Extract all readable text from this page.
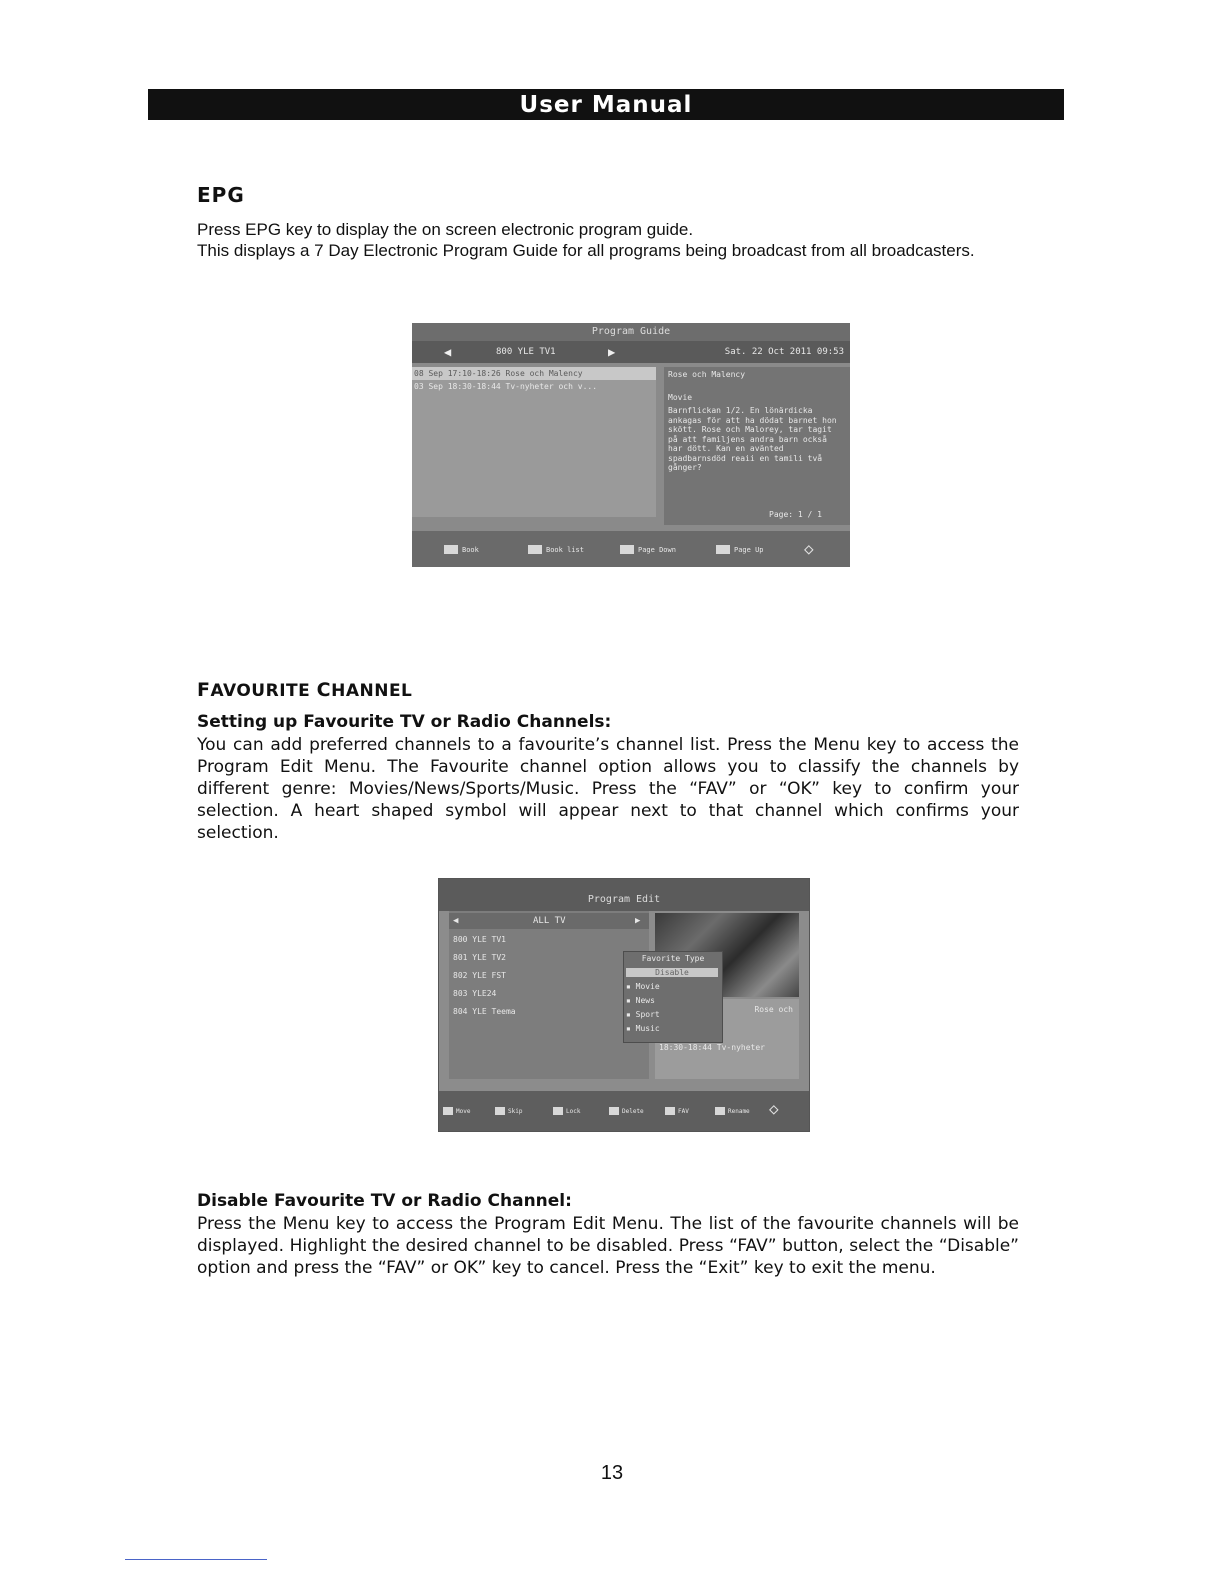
User Manual
EPG

Press EPG key to display the on screen electronic program guide.

This displays a 7 Day Electronic Program Guide for all programs being broadcast from all broadcasters.

Program Guide
◀	800 YLE TV1	▶	Sat. 22 Oct 2011 09:53
08 Sep 17:10-18:26 Rose och Malency
03 Sep 18:30-18:44 Tv-nyheter och v...
Rose och Malency
Movie
Barnflickan 1/2. En lönärdicka ankagas för att ha dödat barnet hon skött. Rose och Malorey, tar tagit på att familjens andra barn också har dött. Kan en avänted spadbarnsdöd reaii en tamili två gånger?
Page: 1 / 1
Book	Book list	Page Down	Page Up	◇
FAVOURITE CHANNEL
Setting up Favourite TV or Radio Channels:
You can add preferred channels to a favourite’s channel list. Press the Menu key to access the Program Edit Menu. The Favourite channel option allows you to classify the channels by different genre: Movies/News/Sports/Music. Press the “FAV” or “OK” key to confirm your selection. A heart shaped symbol will appear next to that channel which confirms your selection.
Program Edit
◀	ALL TV	▶
800 YLE TV1
801 YLE TV2
802 YLE FST
803 YLE24
804 YLE Teema	Rose och
18:30-18:44 Tv-nyheter
Favorite Type
Disable
▪ Movie
▪ News
▪ Sport
▪ Music
Move	Skip	Lock	Delete	FAV	Rename ◇
Disable Favourite TV or Radio Channel:
Press the Menu key to access the Program Edit Menu. The list of the favourite channels will be displayed. Highlight the desired channel to be disabled. Press “FAV” button, select the “Disable” option and press the “FAV” or OK” key to cancel. Press the “Exit” key to exit the menu.
13
